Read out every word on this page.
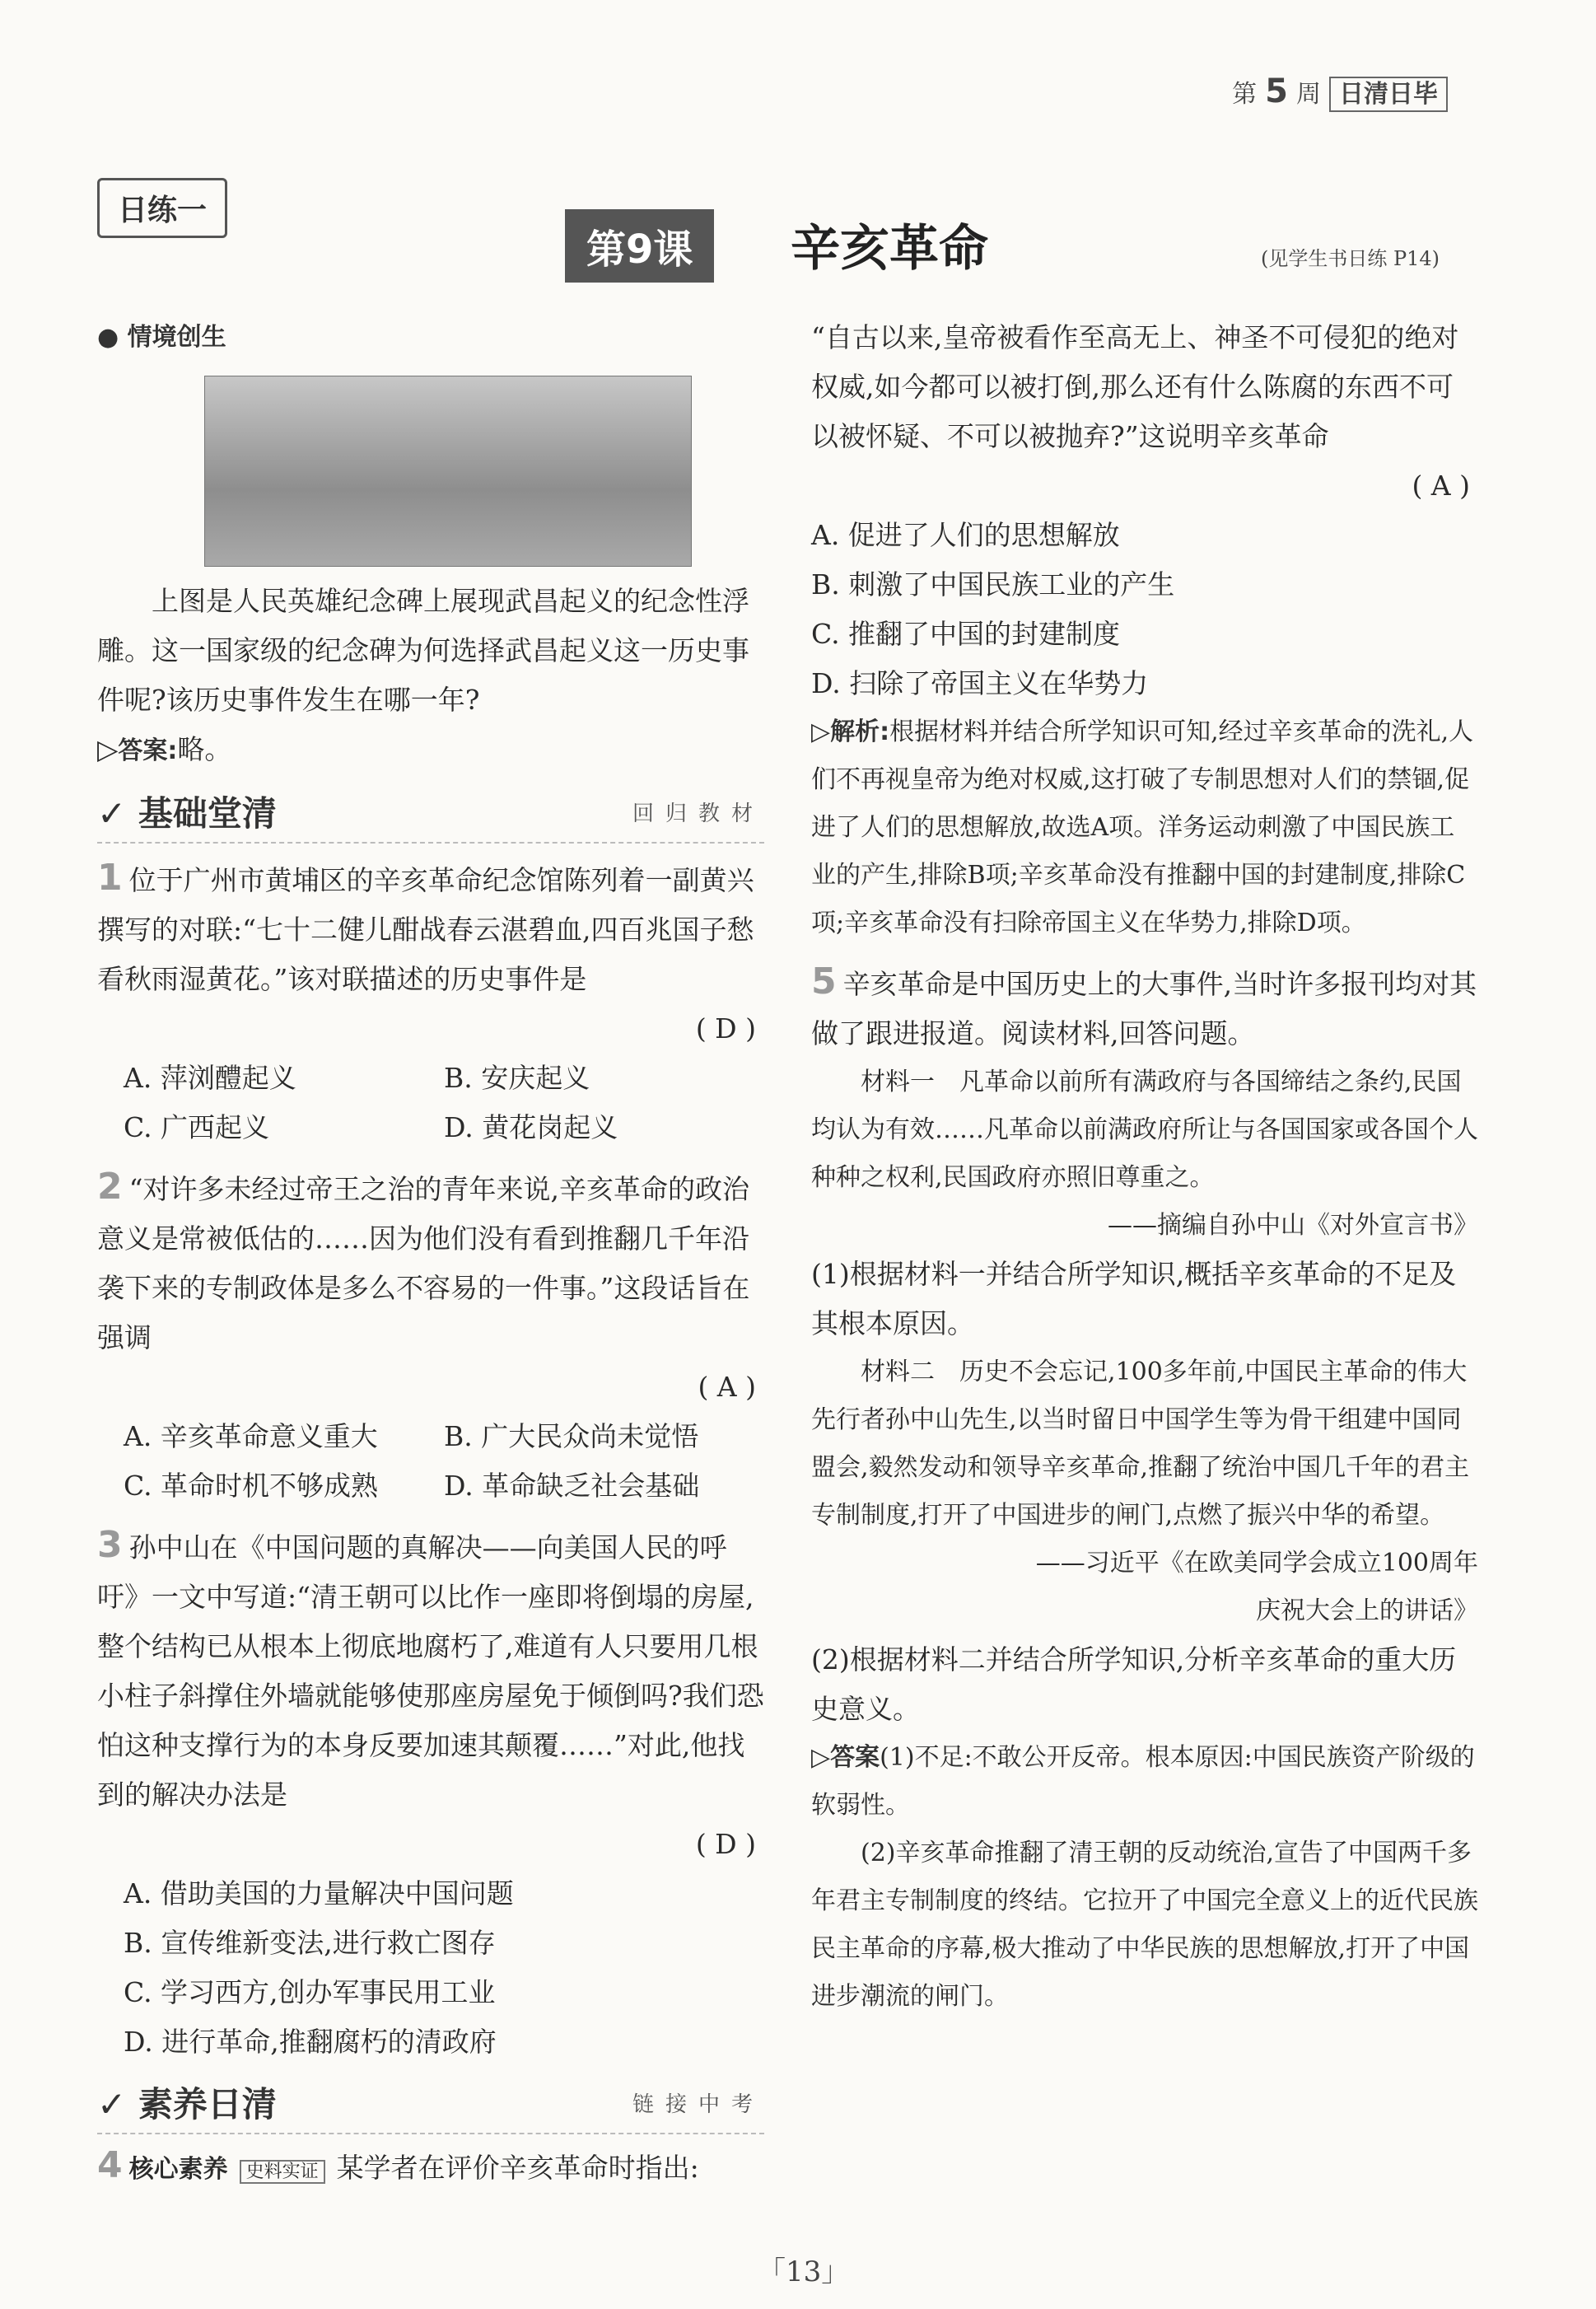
第 5 周 日清日毕
日练一
第9课	辛亥革命	(见学生书日练 P14)
● 情境创生

上图是人民英雄纪念碑上展现武昌起义的纪念性浮雕。这一国家级的纪念碑为何选择武昌起义这一历史事件呢?该历史事件发生在哪一年?

▷答案:略。

✓ 基础堂清	回归教材

1 位于广州市黄埔区的辛亥革命纪念馆陈列着一副黄兴撰写的对联:“七十二健儿酣战春云湛碧血,四百兆国子愁看秋雨湿黄花。”该对联描述的历史事件是

( D )
A. 萍浏醴起义	B. 安庆起义
C. 广西起义	D. 黄花岗起义

2 “对许多未经过帝王之治的青年来说,辛亥革命的政治意义是常被低估的……因为他们没有看到推翻几千年沿袭下来的专制政体是多么不容易的一件事。”这段话旨在强调

( A )
A. 辛亥革命意义重大	B. 广大民众尚未觉悟
C. 革命时机不够成熟	D. 革命缺乏社会基础

3 孙中山在《中国问题的真解决——向美国人民的呼吁》一文中写道:“清王朝可以比作一座即将倒塌的房屋,整个结构已从根本上彻底地腐朽了,难道有人只要用几根小柱子斜撑住外墙就能够使那座房屋免于倾倒吗?我们恐怕这种支撑行为的本身反要加速其颠覆……”对此,他找到的解决办法是

( D )
A. 借助美国的力量解决中国问题
B. 宣传维新变法,进行救亡图存
C. 学习西方,创办军事民用工业
D. 进行革命,推翻腐朽的清政府
✓ 素养日清	链接中考

4 核心素养 史料实证 某学者在评价辛亥革命时指出:

“自古以来,皇帝被看作至高无上、神圣不可侵犯的绝对权威,如今都可以被打倒,那么还有什么陈腐的东西不可以被怀疑、不可以被抛弃?”这说明辛亥革命

( A )
A. 促进了人们的思想解放
B. 刺激了中国民族工业的产生
C. 推翻了中国的封建制度
D. 扫除了帝国主义在华势力

▷解析:根据材料并结合所学知识可知,经过辛亥革命的洗礼,人们不再视皇帝为绝对权威,这打破了专制思想对人们的禁锢,促进了人们的思想解放,故选A项。洋务运动刺激了中国民族工业的产生,排除B项;辛亥革命没有推翻中国的封建制度,排除C项;辛亥革命没有扫除帝国主义在华势力,排除D项。

5 辛亥革命是中国历史上的大事件,当时许多报刊均对其做了跟进报道。阅读材料,回答问题。

材料一　凡革命以前所有满政府与各国缔结之条约,民国均认为有效……凡革命以前满政府所让与各国国家或各国个人种种之权利,民国政府亦照旧尊重之。

——摘编自孙中山《对外宣言书》

(1)根据材料一并结合所学知识,概括辛亥革命的不足及其根本原因。

材料二　历史不会忘记,100多年前,中国民主革命的伟大先行者孙中山先生,以当时留日中国学生等为骨干组建中国同盟会,毅然发动和领导辛亥革命,推翻了统治中国几千年的君主专制制度,打开了中国进步的闸门,点燃了振兴中华的希望。

——习近平《在欧美同学会成立100周年
庆祝大会上的讲话》

(2)根据材料二并结合所学知识,分析辛亥革命的重大历史意义。

▷答案(1)不足:不敢公开反帝。根本原因:中国民族资产阶级的软弱性。

(2)辛亥革命推翻了清王朝的反动统治,宣告了中国两千多年君主专制制度的终结。它拉开了中国完全意义上的近代民族民主革命的序幕,极大推动了中华民族的思想解放,打开了中国进步潮流的闸门。

「13」
